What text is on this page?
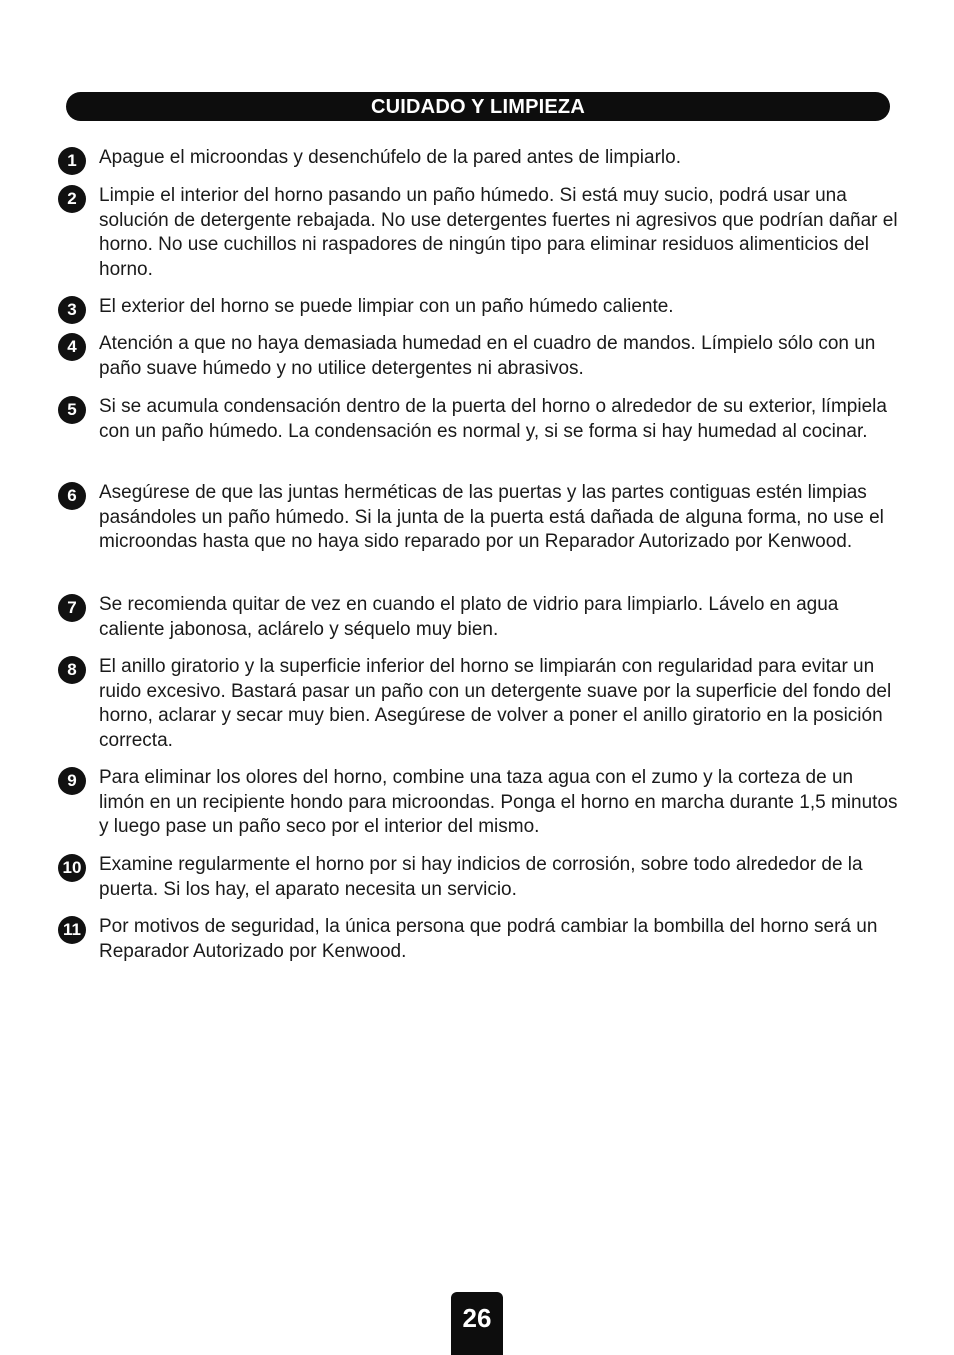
CUIDADO Y LIMPIEZA
1	Apague el microondas y desenchúfelo de la pared antes de limpiarlo.
2	Limpie el interior del horno pasando un paño húmedo. Si está muy sucio, podrá usar una solución de detergente rebajada. No use detergentes fuertes ni agresivos que podrían dañar el horno. No use cuchillos ni raspadores de ningún tipo para eliminar residuos alimenticios del horno.
3	El exterior del horno se puede limpiar con un paño húmedo caliente.
4	Atención a que no haya demasiada humedad en el cuadro de mandos. Límpielo sólo con un paño suave húmedo y no utilice detergentes ni abrasivos.
5	Si se acumula condensación dentro de la puerta del horno o alrededor de su exterior, límpiela con un paño húmedo. La condensación es normal y, si se forma si hay humedad al cocinar.
6	Asegúrese de que las juntas herméticas de las puertas y las partes contiguas estén limpias pasándoles un paño húmedo. Si la junta de la puerta está dañada de alguna forma, no use el microondas hasta que no haya sido reparado por un Reparador Autorizado por Kenwood.
7	Se recomienda quitar de vez en cuando el plato de vidrio para limpiarlo. Lávelo en agua caliente jabonosa, aclárelo y séquelo muy bien.
8	El anillo giratorio y la superficie inferior del horno se limpiarán con regularidad para evitar un ruido excesivo. Bastará pasar un paño con un detergente suave por la superficie del fondo del horno, aclarar y secar muy bien. Asegúrese de volver a poner el anillo giratorio en la posición correcta.
9	Para eliminar los olores del horno, combine una taza agua con el zumo y la corteza de un limón en un recipiente hondo para microondas. Ponga el horno en marcha durante 1,5 minutos y luego pase un paño seco por el interior del mismo.
10 Examine regularmente el horno por si hay indicios de corrosión, sobre todo alrededor de la puerta. Si los hay, el aparato necesita un servicio.
11 Por motivos de seguridad, la única persona que podrá cambiar la bombilla del horno será un Reparador Autorizado por Kenwood.
26
